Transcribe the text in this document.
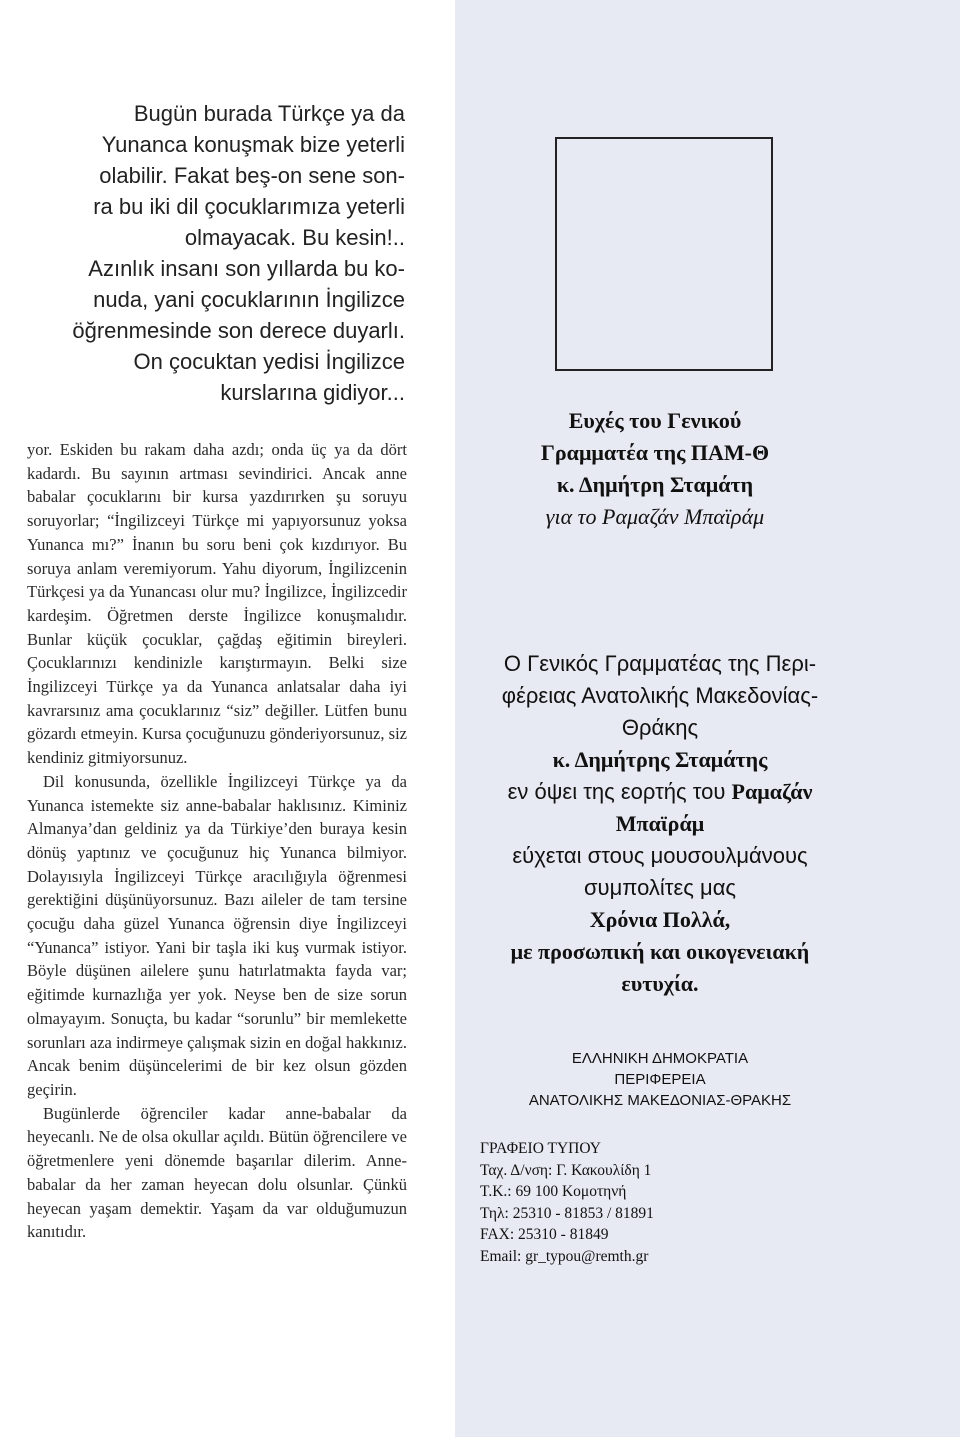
Bugün burada Türkçe ya da
Yunanca konuşmak bize yeterli
olabilir. Fakat beş-on sene son-
ra bu iki dil çocuklarımıza yeterli
olmayacak. Bu kesin!..
Azınlık insanı son yıllarda bu ko-
nuda, yani çocuklarının İngilizce
öğrenmesinde son derece duyarlı.
On çocuktan yedisi İngilizce
kurslarına gidiyor...

yor. Eskiden bu rakam daha azdı; onda üç ya da dört kadardı. Bu sayının artması sevindirici. Ancak anne babalar çocuklarını bir kursa yazdırırken şu soruyu soruyorlar; “İngilizceyi Türkçe mi yapıyorsunuz yoksa Yunanca mı?” İnanın bu soru beni çok kızdırıyor. Bu soruya anlam veremiyorum. Yahu diyorum, İngilizcenin Türkçesi ya da Yunancası olur mu? İngilizce, İngilizcedir kardeşim. Öğretmen derste İngilizce konuşmalıdır. Bunlar küçük çocuklar, çağdaş eğitimin bireyleri. Çocuklarınızı kendinizle karıştırmayın. Belki size İngilizceyi Türkçe ya da Yunanca anlatsalar daha iyi kavrarsınız ama çocuklarınız “siz” değiller. Lütfen bunu gözardı etmeyin. Kursa çocuğunuzu gönderiyorsunuz, siz kendiniz gitmiyorsunuz.

Dil konusunda, özellikle İngilizceyi Türkçe ya da Yunanca istemekte siz anne-babalar haklısınız. Kiminiz Almanya’dan geldiniz ya da Türkiye’den buraya kesin dönüş yaptınız ve çocuğunuz hiç Yunanca bilmiyor. Dolayısıyla İngilizceyi Türkçe aracılığıyla öğrenmesi gerektiğini düşünüyorsunuz. Bazı aileler de tam tersine çocuğu daha güzel Yunanca öğrensin diye İngilizceyi “Yunanca” istiyor. Yani bir taşla iki kuş vurmak istiyor. Böyle düşünen ailelere şunu hatırlatmakta fayda var; eğitimde kurnazlığa yer yok. Neyse ben de size sorun olmayayım. Sonuçta, bu kadar “sorunlu” bir memlekette sorunları aza indirmeye çalışmak sizin en doğal hakkınız. Ancak benim düşüncelerimi de bir kez olsun gözden geçirin.

Bugünlerde öğrenciler kadar anne-babalar da heyecanlı. Ne de olsa okullar açıldı. Bütün öğrencilere ve öğretmenlere yeni dönemde başarılar dilerim. Anne-babalar da her zaman heyecan dolu olsunlar. Çünkü heyecan yaşam demektir. Yaşam da var olduğumuzun kanıtıdır.

Ευχές του Γενικού

Γραμματέα της ΠΑΜ-Θ

κ. Δημήτρη Σταμάτη

για το Ραμαζάν Μπαϊράμ

Ο Γενικός Γραμματέας της Περι-

φέρειας Ανατολικής Μακεδονίας-

Θράκης

κ. Δημήτρης Σταμάτης

εν όψει της εορτής του Ραμαζάν

Μπαϊράμ

εύχεται στους μουσουλμάνους

συμπολίτες μας

Χρόνια Πολλά,

με προσωπική και οικογενειακή

ευτυχία.

ΕΛΛΗΝΙΚΗ ΔΗΜΟΚΡΑΤΙΑ

ΠΕΡΙΦΕΡΕΙΑ

ΑΝΑΤΟΛΙΚΗΣ ΜΑΚΕΔΟΝΙΑΣ-ΘΡΑΚΗΣ

ΓΡΑΦΕΙΟ ΤΥΠΟΥ

Ταχ. Δ/νση: Γ. Κακουλίδη 1

Τ.Κ.: 69 100 Κομοτηνή

Τηλ: 25310 - 81853 / 81891

FAX: 25310 - 81849

Email: gr_typou@remth.gr
